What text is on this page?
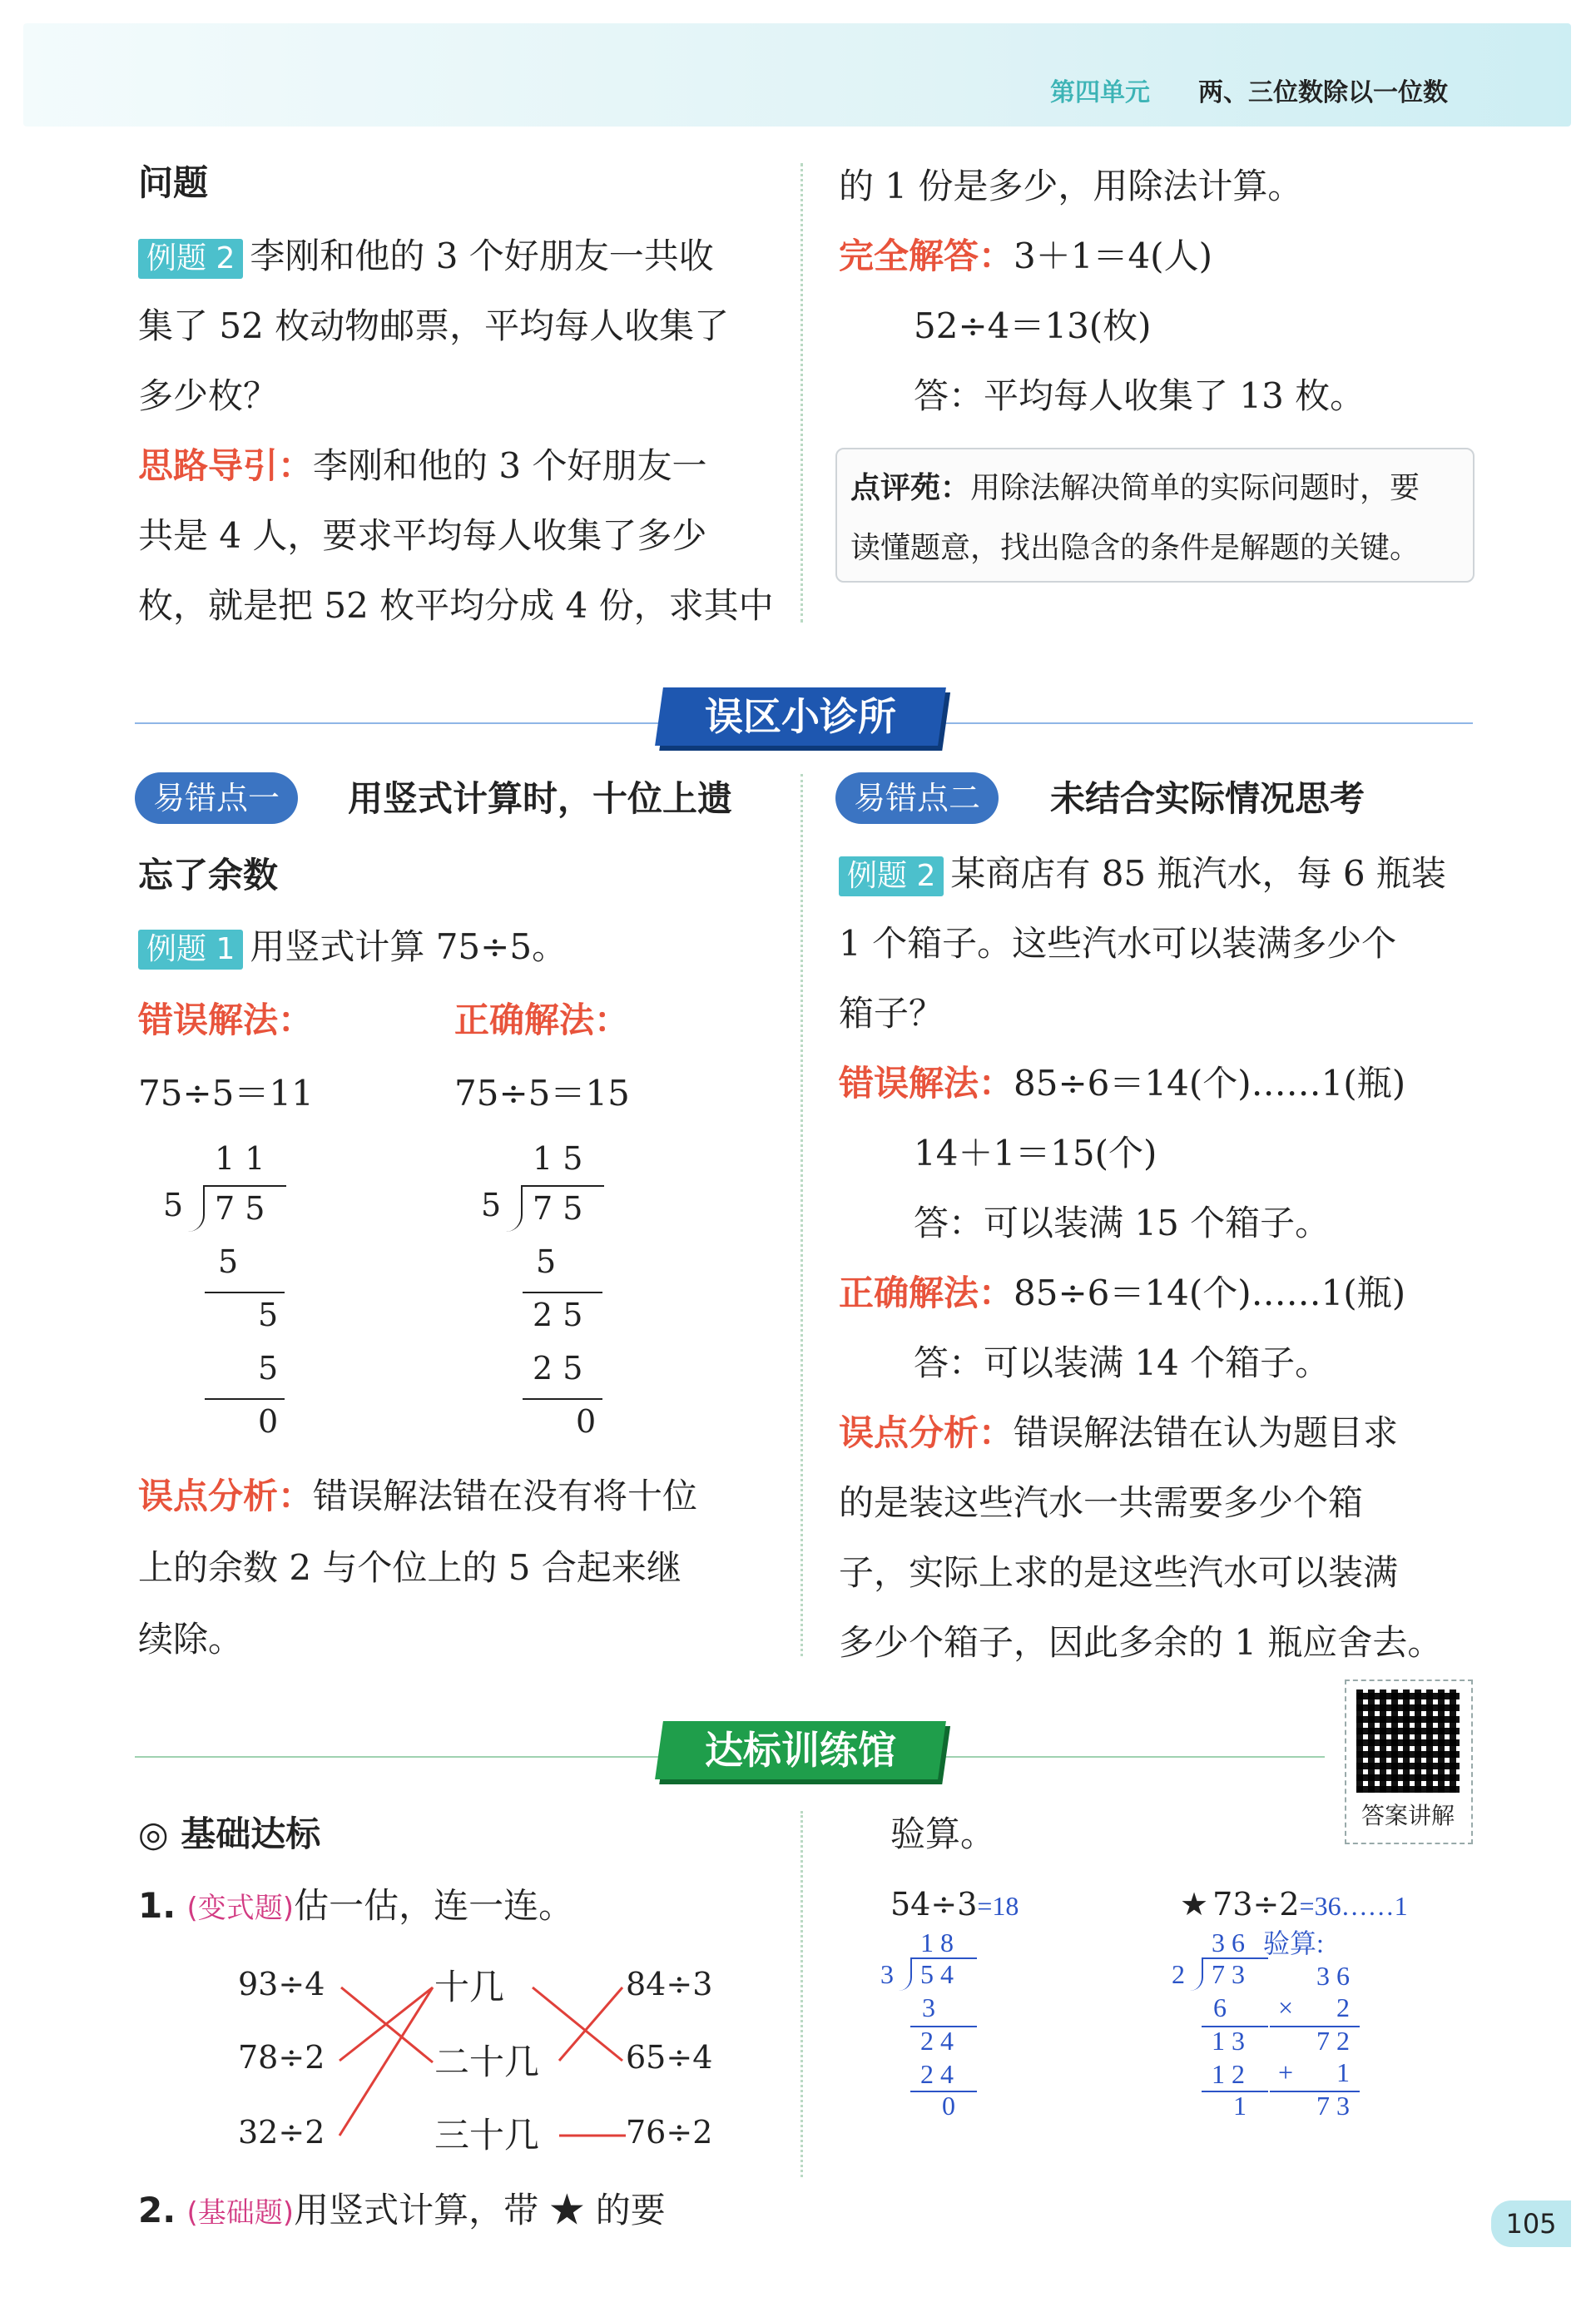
第四单元 两、三位数除以一位数
问题
例题 2 李刚和他的 3 个好朋友一共收
集了 52 枚动物邮票，平均每人收集了
多少枚？
思路导引：李刚和他的 3 个好朋友一
共是 4 人，要求平均每人收集了多少
枚，就是把 52 枚平均分成 4 份，求其中
的 1 份是多少，用除法计算。
完全解答：3＋1＝4(人)
52÷4＝13(枚)
答：平均每人收集了 13 枚。
点评苑：用除法解决简单的实际问题时，要
读懂题意，找出隐含的条件是解题的关键。
误区小诊所
易错点一	用竖式计算时，十位上遗
忘了余数
例题 1 用竖式计算 75÷5。
错误解法：	正确解法：
75÷5＝11	75÷5＝15
1 1
5 7 5
5
5
5
0
1 5
5 7 5
5
2 5
2 5
0
误点分析：错误解法错在没有将十位
上的余数 2 与个位上的 5 合起来继
续除。
易错点二	未结合实际情况思考
例题 2 某商店有 85 瓶汽水，每 6 瓶装
1 个箱子。这些汽水可以装满多少个
箱子？
错误解法：85÷6＝14(个)……1(瓶)
14＋1＝15(个)
答：可以装满 15 个箱子。
正确解法：85÷6＝14(个)……1(瓶)
答：可以装满 14 个箱子。
误点分析：错误解法错在认为题目求
的是装这些汽水一共需要多少个箱
子，实际上求的是这些汽水可以装满
多少个箱子，因此多余的 1 瓶应舍去。
达标训练馆
答案讲解
◎ 基础达标
1. (变式题)估一估，连一连。
93÷4
78÷2
32÷2
十几
二十几
三十几
84÷3
65÷4
76÷2
2. (基础题)用竖式计算，带 ★ 的要
验算。
54÷3=18
1 8
3 5 4
3
2 4
2 4
0
★ 73÷2=36……1
3 6
2 7 3
6
1 3
1 2
1
验算:
3 6
× 2
7 2
+ 1
7 3
105
